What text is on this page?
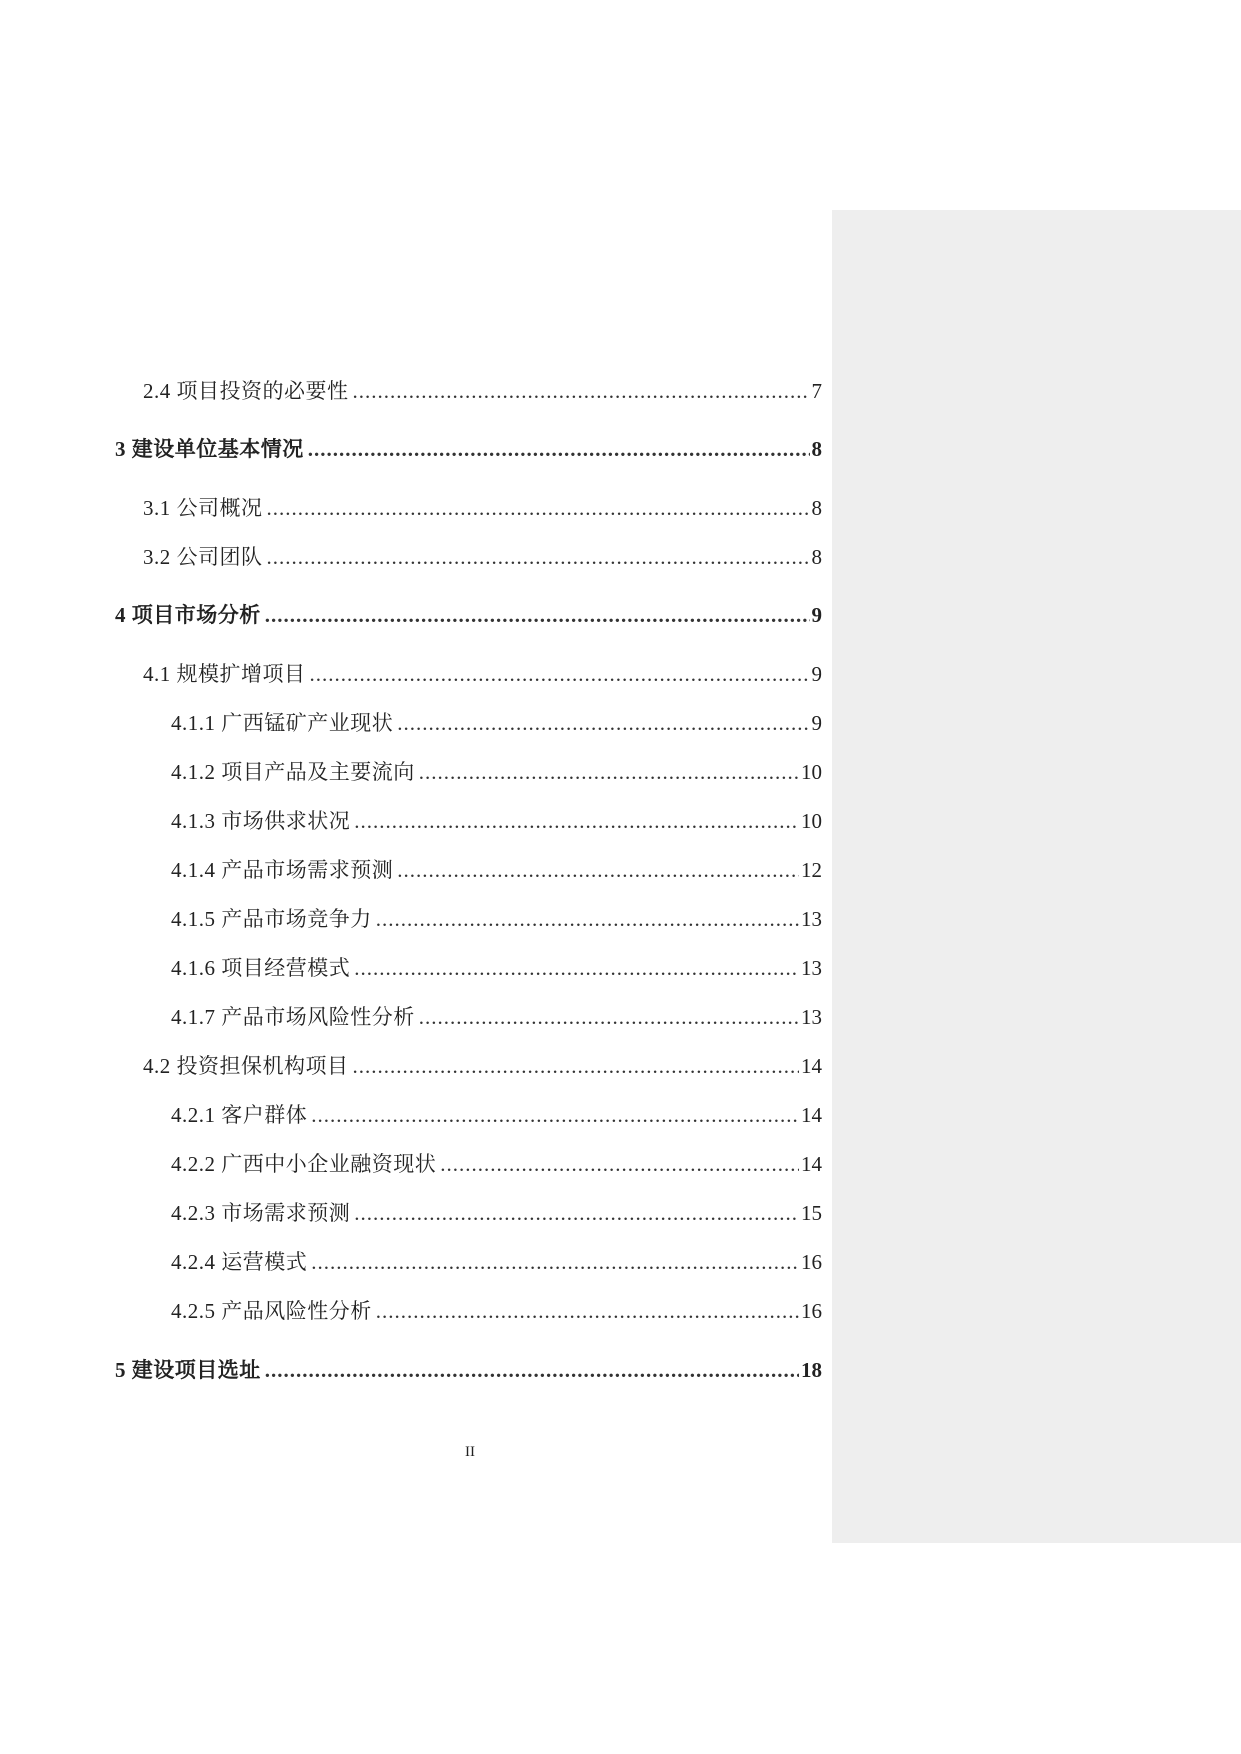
2.4 项目投资的必要性 .....	7
3 建设单位基本情况 .....	8
3.1 公司概况 .....	8
3.2 公司团队 .....	8
4 项目市场分析 .....	9
4.1 规模扩增项目 .....	9
4.1.1 广西锰矿产业现状 .....	9
4.1.2 项目产品及主要流向 .....	10
4.1.3 市场供求状况 .....	10
4.1.4 产品市场需求预测 .....	12
4.1.5 产品市场竞争力 .....	13
4.1.6 项目经营模式 .....	13
4.1.7 产品市场风险性分析 .....	13
4.2 投资担保机构项目 .....	14
4.2.1 客户群体 .....	14
4.2.2 广西中小企业融资现状 .....	14
4.2.3 市场需求预测 .....	15
4.2.4 运营模式 .....	16
4.2.5 产品风险性分析 .....	16
5 建设项目选址 .....	18
II
